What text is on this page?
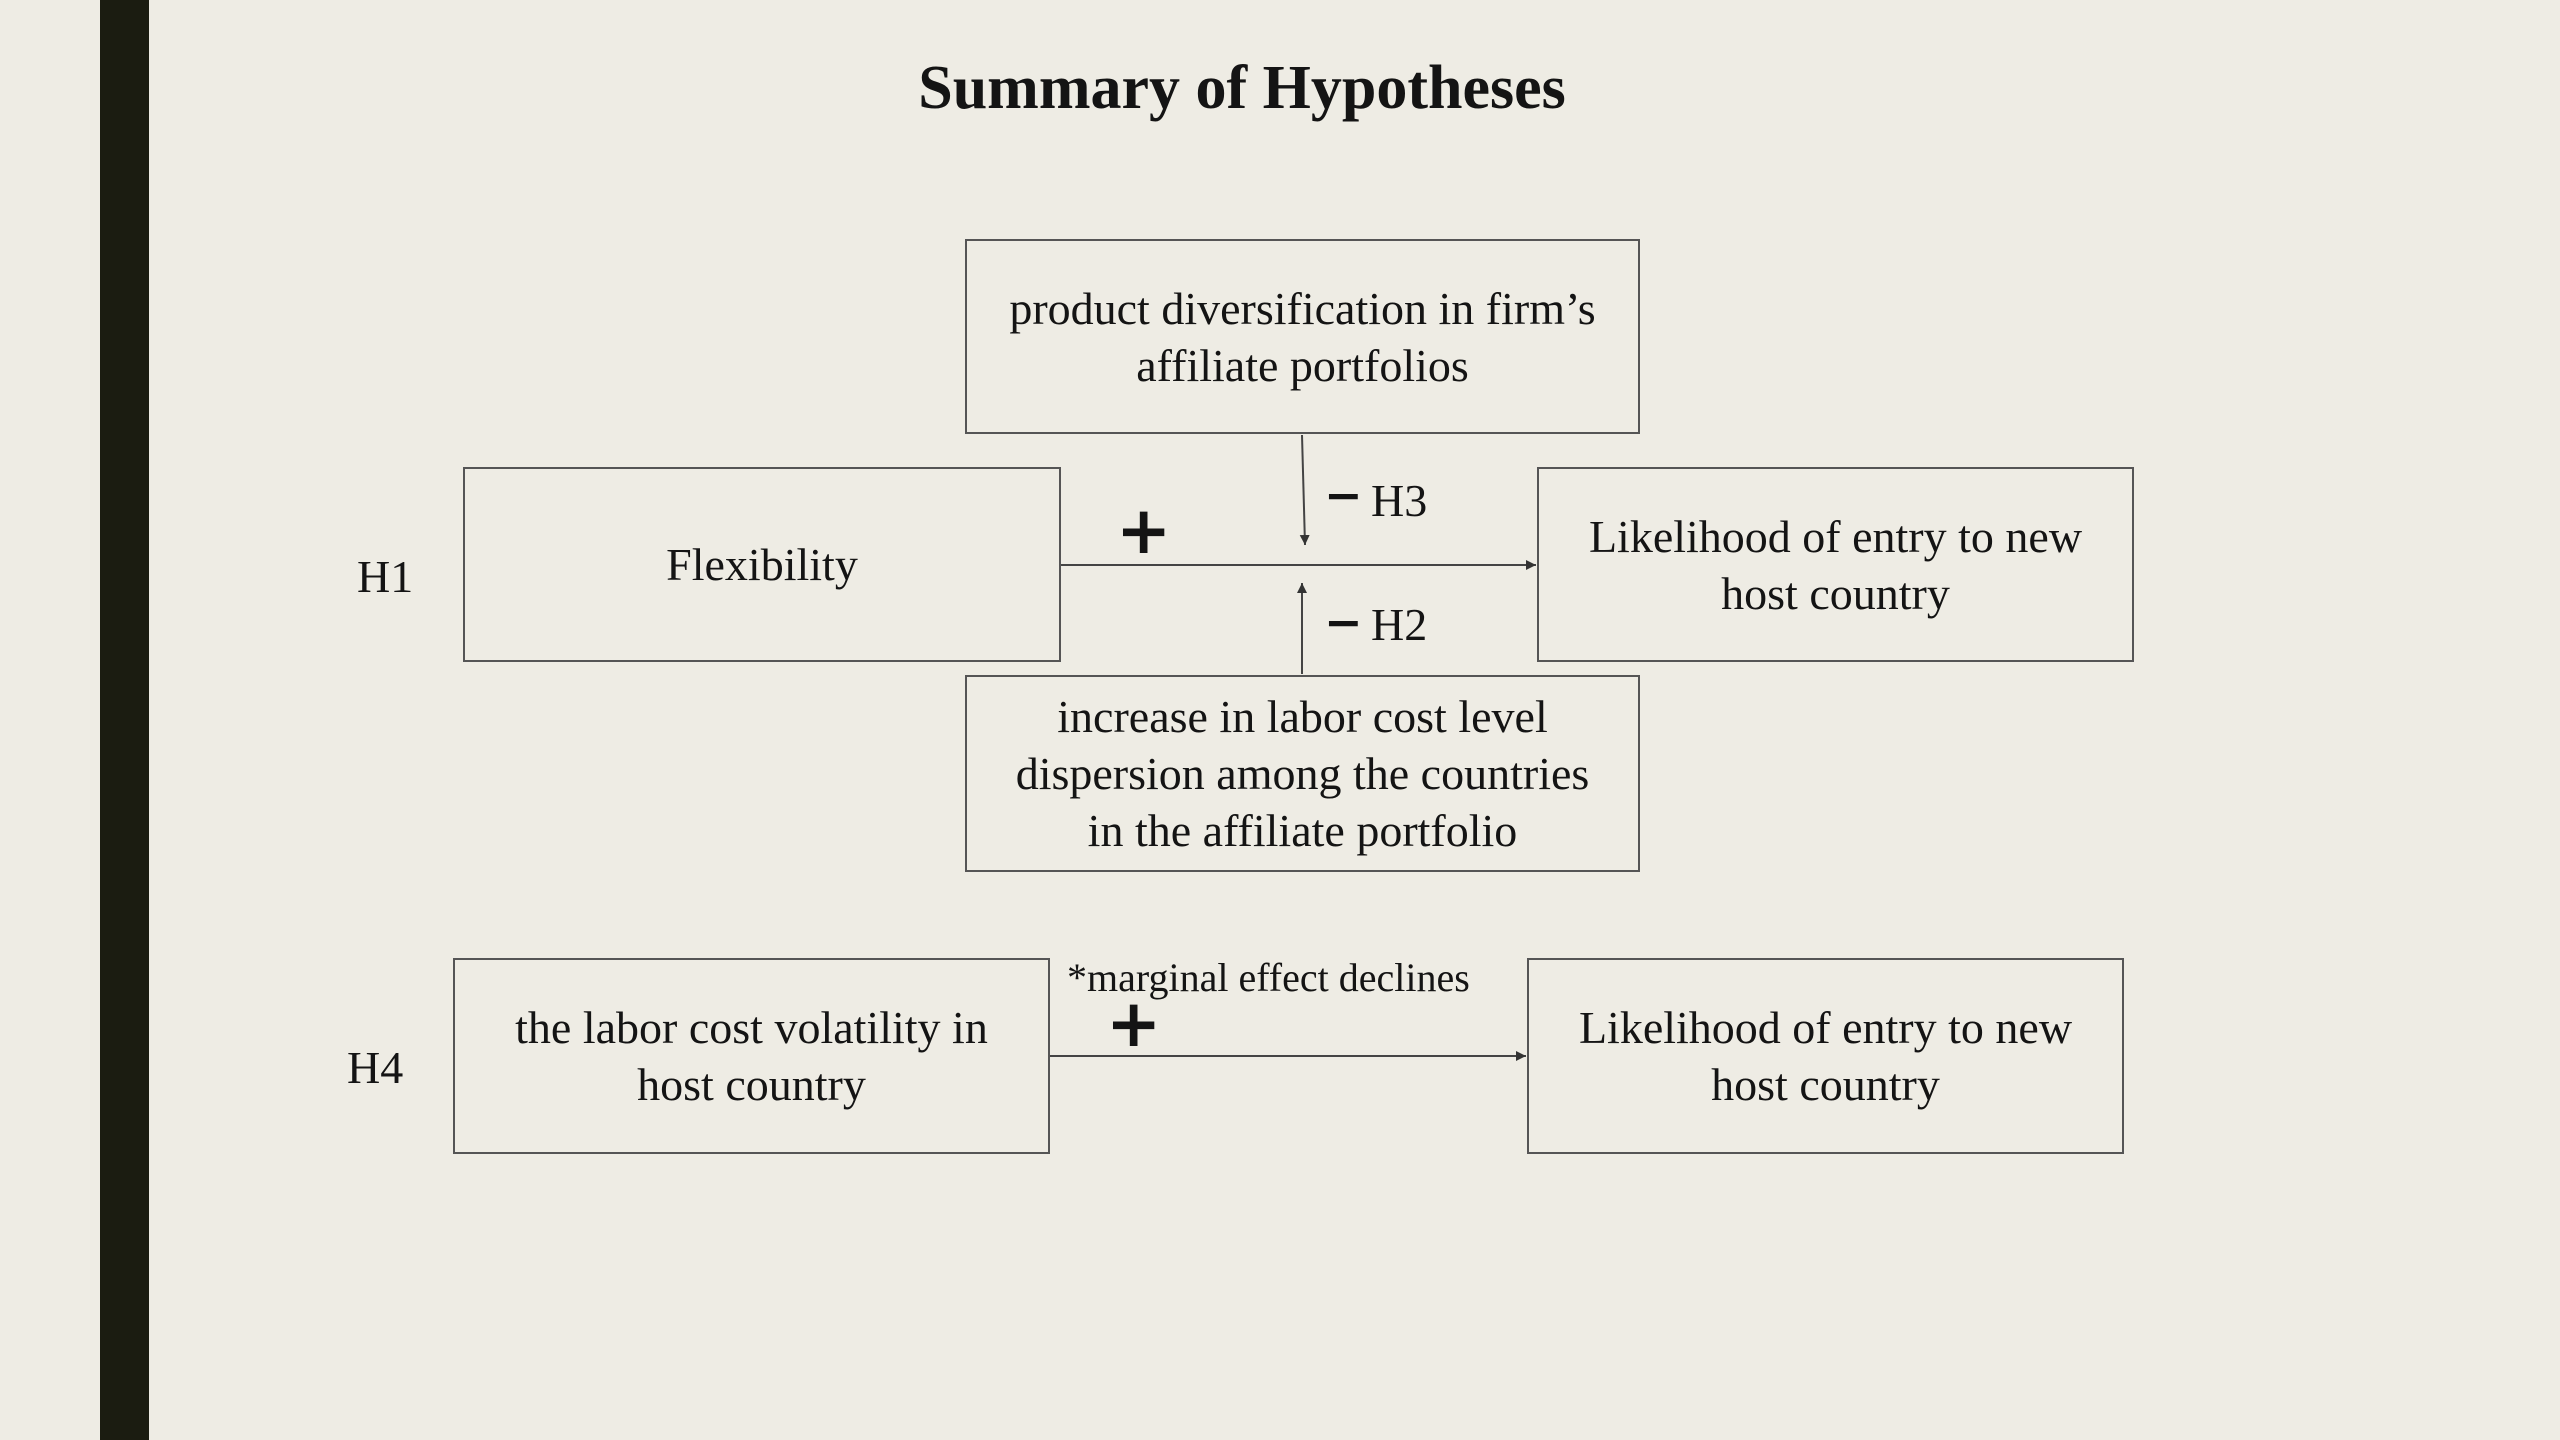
Summary of Hypotheses
product diversification in firm’s affiliate portfolios
H1	Flexibility	+	− H3
− H2
Likelihood of entry to new host country
increase in labor cost level dispersion among the countries in the affiliate portfolio
H4
the labor cost volatility in host country
*marginal effect declines
+	Likelihood of entry to new host country
